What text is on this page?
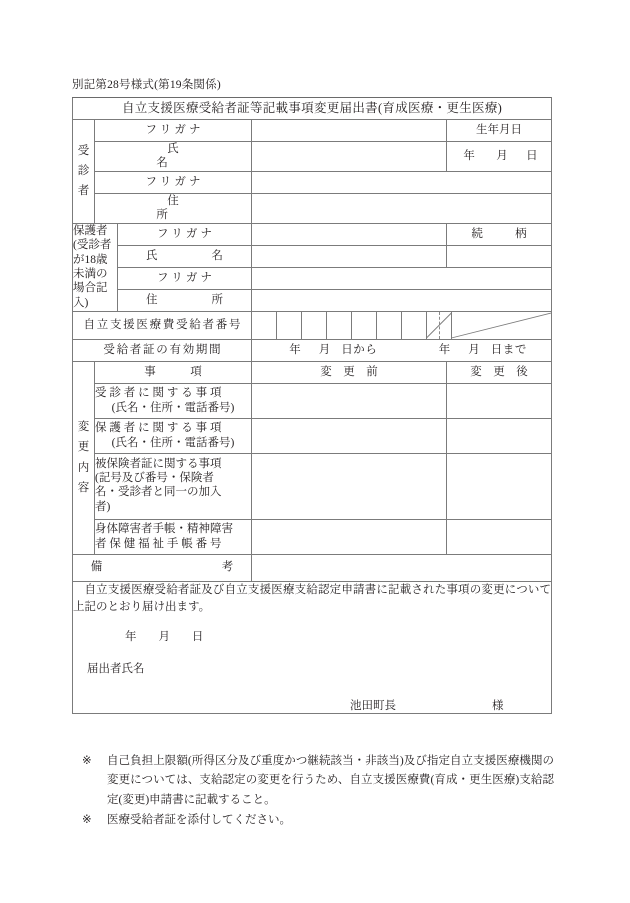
別記第28号様式(第19条関係)
自立支援医療受給者証等記載事項変更届出書(育成医療・更生医療)

受
診
者
	フリガナ		生年月日
氏　　　名		年 月 日
フリガナ	
住　　　所	
保護者(受診者が18歳未満の場合記入)	フリガナ		続　柄
氏　　名		
フリガナ	
住　　所	
自立支援医療費受給者番号	

受給者証の有効期間	年 月 日から	年 月 日まで

変
更
内
容
	事　　　項	変　更　前	変　更　後

受 診 者 に 関 す る 事 項
(氏名・住所・電話番号)

保 護 者 に 関 す る 事 項
(氏名・住所・電話番号)

被保険者証に関する事項
(記号及び番号・保険者
名・受診者と同一の加入
者)

身体障害者手帳・精神障害
者 保 健 福 祉 手 帳 番 号

備　　　　　考	

自立支援医療受給者証及び自立支援医療支給認定申請書に記載された事項の変更について上記のとおり届け出ます。
年 月 日
届出者氏名
池田町長	様
※	自己負担上限額(所得区分及び重度かつ継続該当・非該当)及び指定自立支援医療機関の変更については、支給認定の変更を行うため、自立支援医療費(育成・更生医療)支給認定(変更)申請書に記載すること。
※	医療受給者証を添付してください。
